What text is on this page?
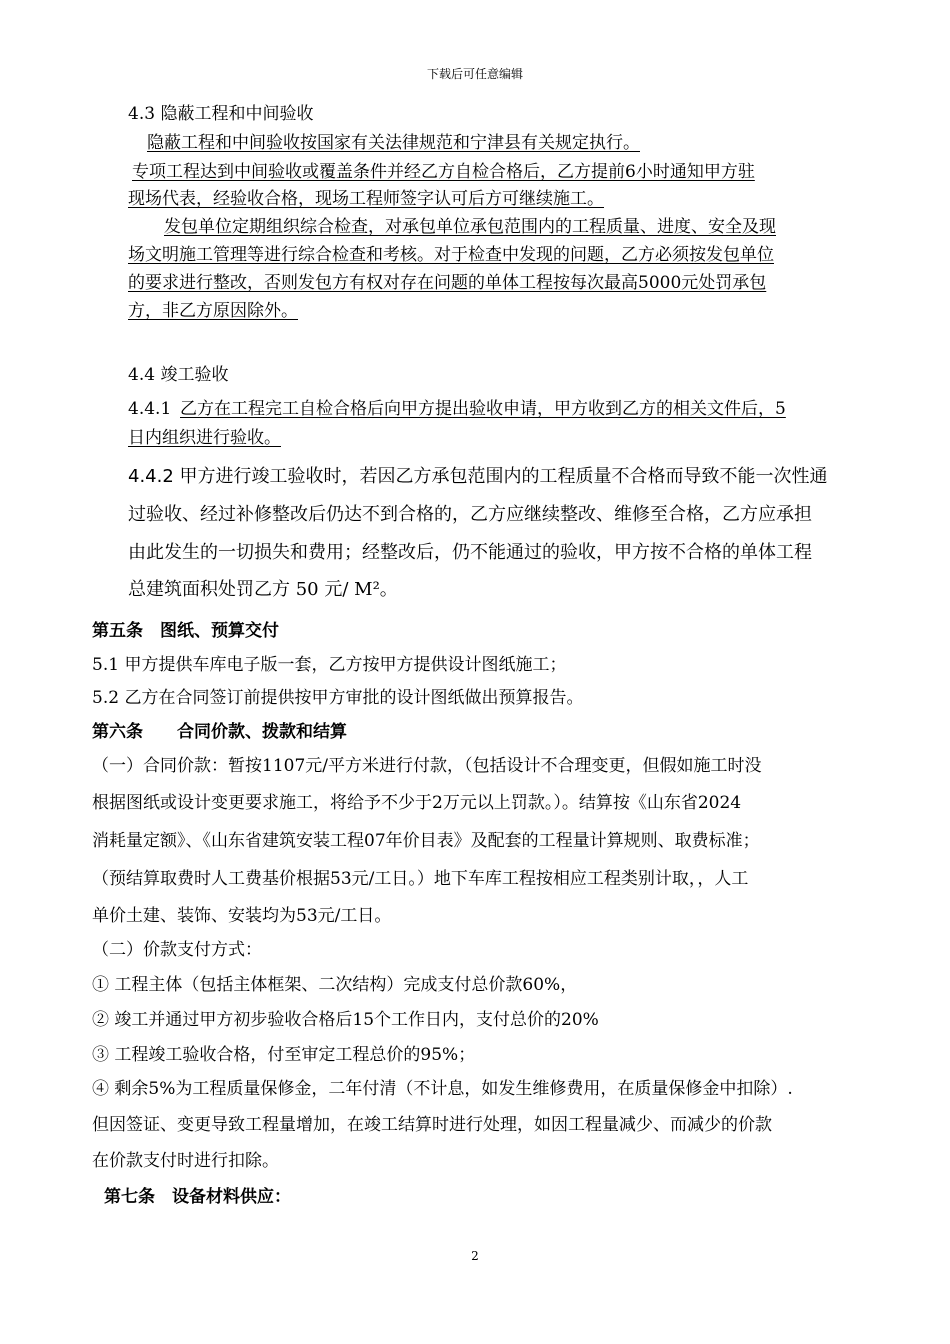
下载后可任意编辑
4.3 隐蔽工程和中间验收
隐蔽工程和中间验收按国家有关法律规范和宁津县有关规定执行。
专项工程达到中间验收或覆盖条件并经乙方自检合格后，乙方提前6小时通知甲方驻
现场代表，经验收合格，现场工程师签字认可后方可继续施工。
发包单位定期组织综合检查，对承包单位承包范围内的工程质量、进度、安全及现
场文明施工管理等进行综合检查和考核。对于检查中发现的问题，乙方必须按发包单位
的要求进行整改，否则发包方有权对存在问题的单体工程按每次最高5000元处罚承包
方，非乙方原因除外。
4.4 竣工验收
4.4.1 乙方在工程完工自检合格后向甲方提出验收申请，甲方收到乙方的相关文件后，5
日内组织进行验收。
4.4.2 甲方进行竣工验收时，若因乙方承包范围内的工程质量不合格而导致不能一次性通
过验收、经过补修整改后仍达不到合格的，乙方应继续整改、维修至合格，乙方应承担
由此发生的一切损失和费用；经整改后，仍不能通过的验收，甲方按不合格的单体工程
总建筑面积处罚乙方 50 元/ M²。
第五条　图纸、预算交付
5.1 甲方提供车库电子版一套，乙方按甲方提供设计图纸施工；
5.2 乙方在合同签订前提供按甲方审批的设计图纸做出预算报告。
第六条　　合同价款、拨款和结算
（一）合同价款：暂按1107元/平方米进行付款，（包括设计不合理变更，但假如施工时没
根据图纸或设计变更要求施工，将给予不少于2万元以上罚款。）。结算按《山东省2024
消耗量定额》、《山东省建筑安装工程07年价目表》及配套的工程量计算规则、取费标准；
（预结算取费时人工费基价根据53元/工日。）地下车库工程按相应工程类别计取，，人工
单价土建、装饰、安装均为53元/工日。
（二）价款支付方式：
① 工程主体（包括主体框架、二次结构）完成支付总价款60%，
② 竣工并通过甲方初步验收合格后15个工作日内，支付总价的20%
③ 工程竣工验收合格，付至审定工程总价的95%；
④ 剩余5%为工程质量保修金，二年付清（不计息，如发生维修费用，在质量保修金中扣除）.
但因签证、变更导致工程量增加，在竣工结算时进行处理，如因工程量减少、而减少的价款
在价款支付时进行扣除。
第七条　设备材料供应：
2
